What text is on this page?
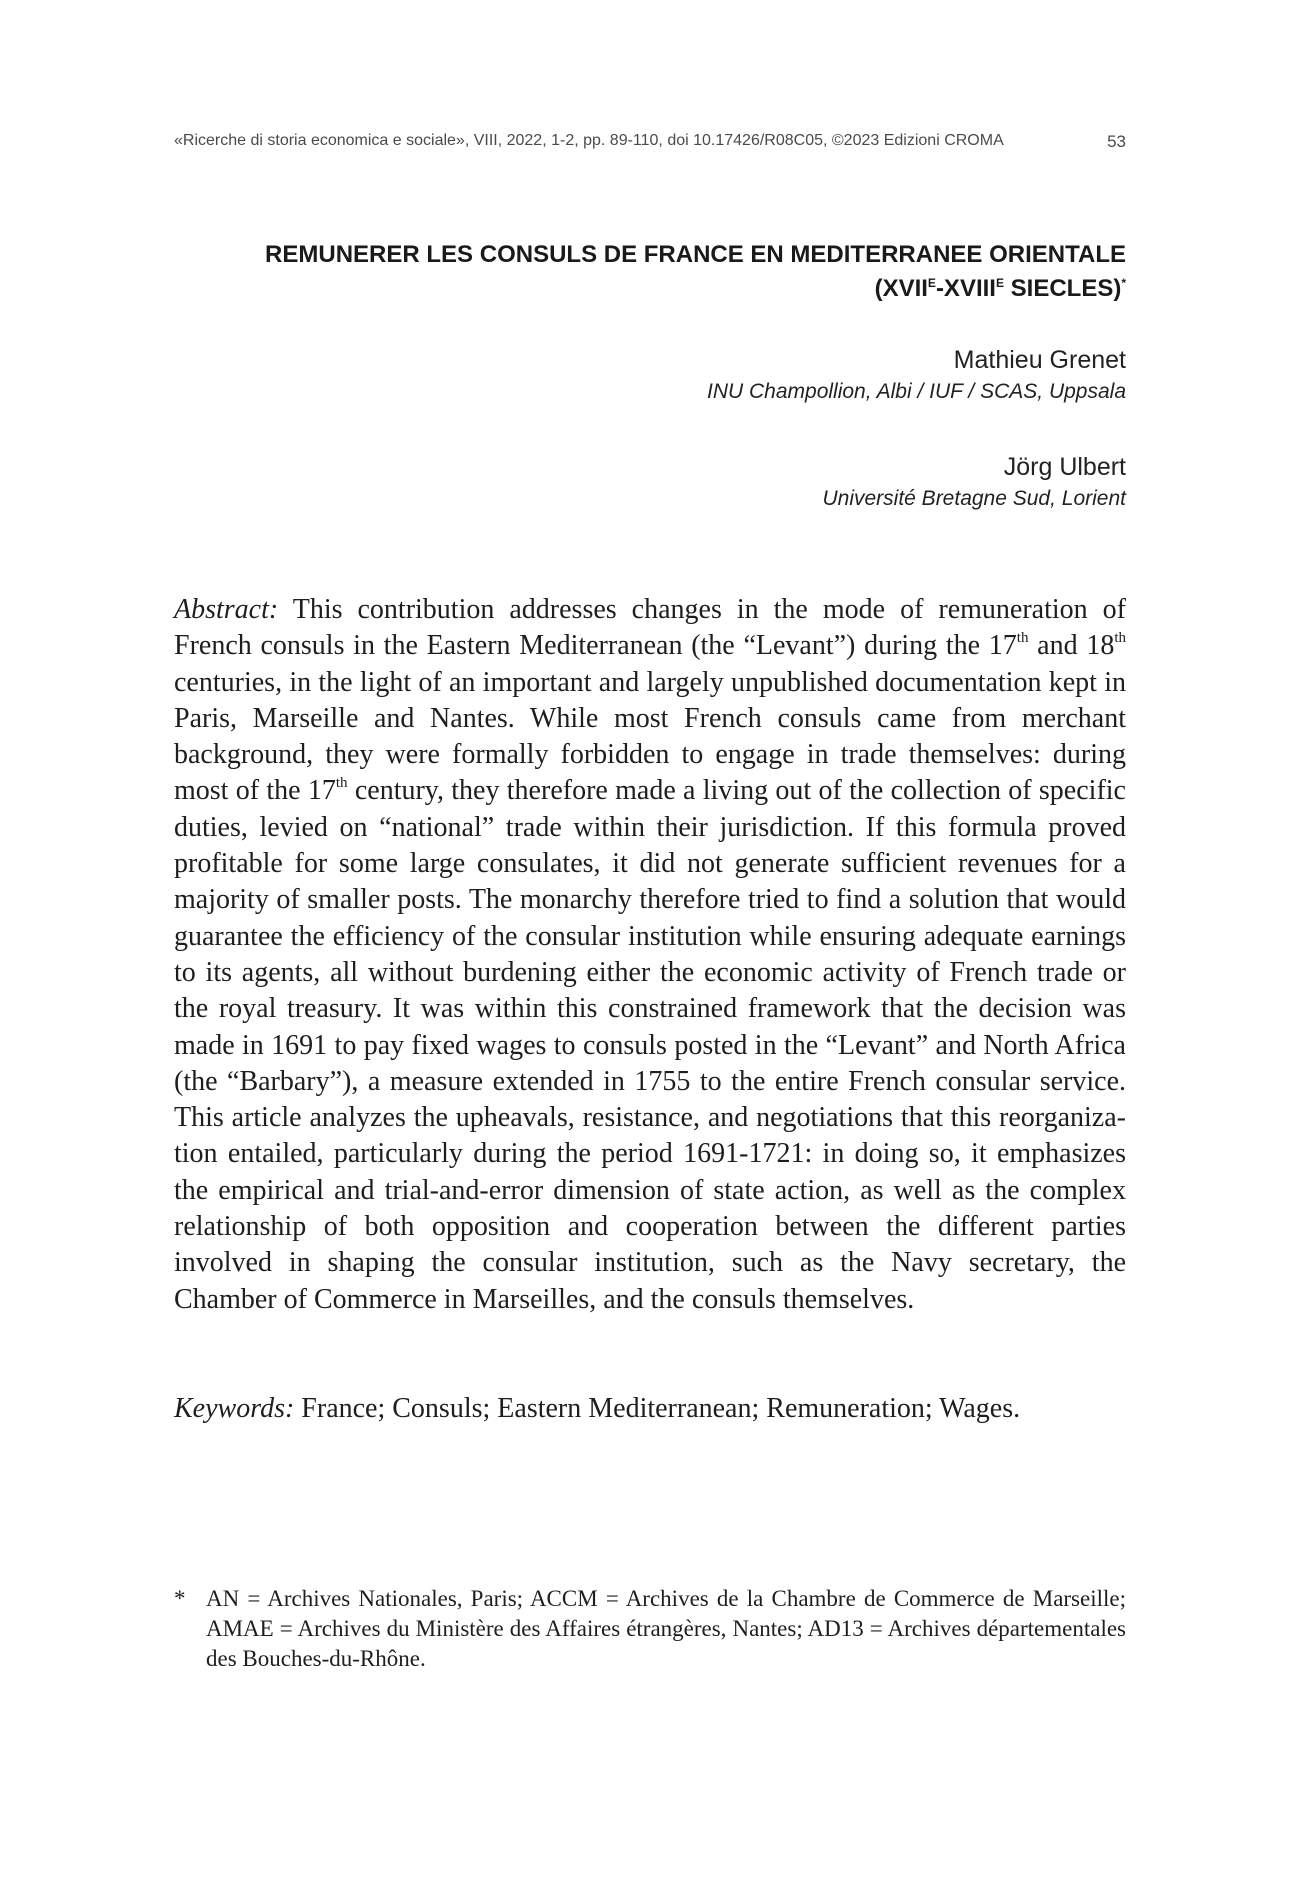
«Ricerche di storia economica e sociale», VIII, 2022, 1-2, pp. 89-110, doi 10.17426/R08C05, ©2023 Edizioni CROMA	53
REMUNERER LES CONSULS DE FRANCE EN MEDITERRANEE ORIENTALE
($XVII^E-XVIII^E$ SIECLES)*
Mathieu Grenet
INU Champollion, Albi / IUF / SCAS, Uppsala
Jörg Ulbert
Université Bretagne Sud, Lorient
Abstract: This contribution addresses changes in the mode of remuneration of French consuls in the Eastern Mediterranean (the “Levant”) during the 17th and 18th centuries, in the light of an important and largely unpublished documentation kept in Paris, Marseille and Nantes. While most French consuls came from merchant background, they were formally forbidden to engage in trade themselves: during most of the 17th century, they therefore made a living out of the collection of specific duties, levied on “national” trade within their jurisdiction. If this formula proved profitable for some large consulates, it did not generate sufficient revenues for a majority of smaller posts. The monarchy therefore tried to find a solution that would guarantee the efficiency of the consular institution while ensuring adequate earnings to its agents, all without burdening either the economic activity of French trade or the royal treasury. It was within this constrained framework that the decision was made in 1691 to pay fixed wages to consuls posted in the “Levant” and North Africa (the “Barbary”), a measure extended in 1755 to the entire French consular service. This article analyzes the upheavals, resistance, and negotiations that this reorganization entailed, particularly during the period 1691-1721: in doing so, it emphasizes the empirical and trial-and-error dimension of state action, as well as the complex relationship of both opposition and cooperation between the different parties involved in shaping the consular institution, such as the Navy secretary, the Chamber of Commerce in Marseilles, and the consuls themselves.
Keywords: France; Consuls; Eastern Mediterranean; Remuneration; Wages.
* AN = Archives Nationales, Paris; ACCM = Archives de la Chambre de Commerce de Marseille; AMAE = Archives du Ministère des Affaires étrangères, Nantes; AD13 = Archives départementales des Bouches-du-Rhône.
